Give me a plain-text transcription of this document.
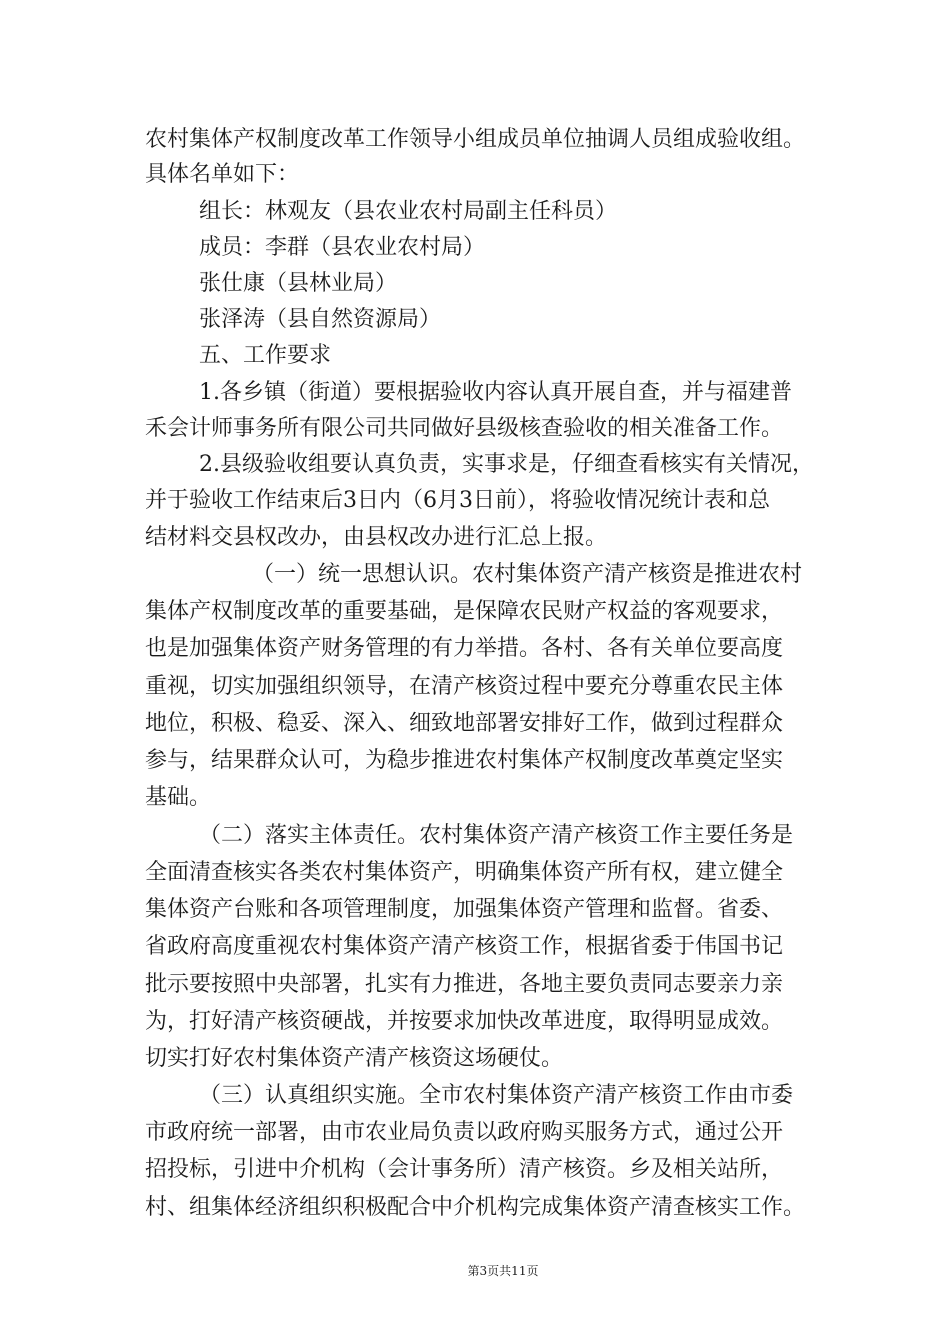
农村集体产权制度改革工作领导小组成员单位抽调人员组成验收组。
具体名单如下：
组长：林观友（县农业农村局副主任科员）
成员：李群（县农业农村局）
张仕康（县林业局）
张泽涛（县自然资源局）
五、工作要求
1.各乡镇（街道）要根据验收内容认真开展自查，并与福建普
禾会计师事务所有限公司共同做好县级核查验收的相关准备工作。
2.县级验收组要认真负责，实事求是，仔细查看核实有关情况，
并于验收工作结束后3日内（6月3日前），将验收情况统计表和总
结材料交县权改办，由县权改办进行汇总上报。
（一）统一思想认识。农村集体资产清产核资是推进农村
集体产权制度改革的重要基础，是保障农民财产权益的客观要求，
也是加强集体资产财务管理的有力举措。各村、各有关单位要高度
重视，切实加强组织领导，在清产核资过程中要充分尊重农民主体
地位，积极、稳妥、深入、细致地部署安排好工作，做到过程群众
参与，结果群众认可，为稳步推进农村集体产权制度改革奠定坚实
基础。
（二）落实主体责任。农村集体资产清产核资工作主要任务是
全面清查核实各类农村集体资产，明确集体资产所有权，建立健全
集体资产台账和各项管理制度，加强集体资产管理和监督。省委、
省政府高度重视农村集体资产清产核资工作，根据省委于伟国书记
批示要按照中央部署，扎实有力推进，各地主要负责同志要亲力亲
为，打好清产核资硬战，并按要求加快改革进度，取得明显成效。
切实打好农村集体资产清产核资这场硬仗。
（三）认真组织实施。全市农村集体资产清产核资工作由市委
市政府统一部署，由市农业局负责以政府购买服务方式，通过公开
招投标，引进中介机构（会计事务所）清产核资。乡及相关站所，
村、组集体经济组织积极配合中介机构完成集体资产清查核实工作。
第3页共11页
